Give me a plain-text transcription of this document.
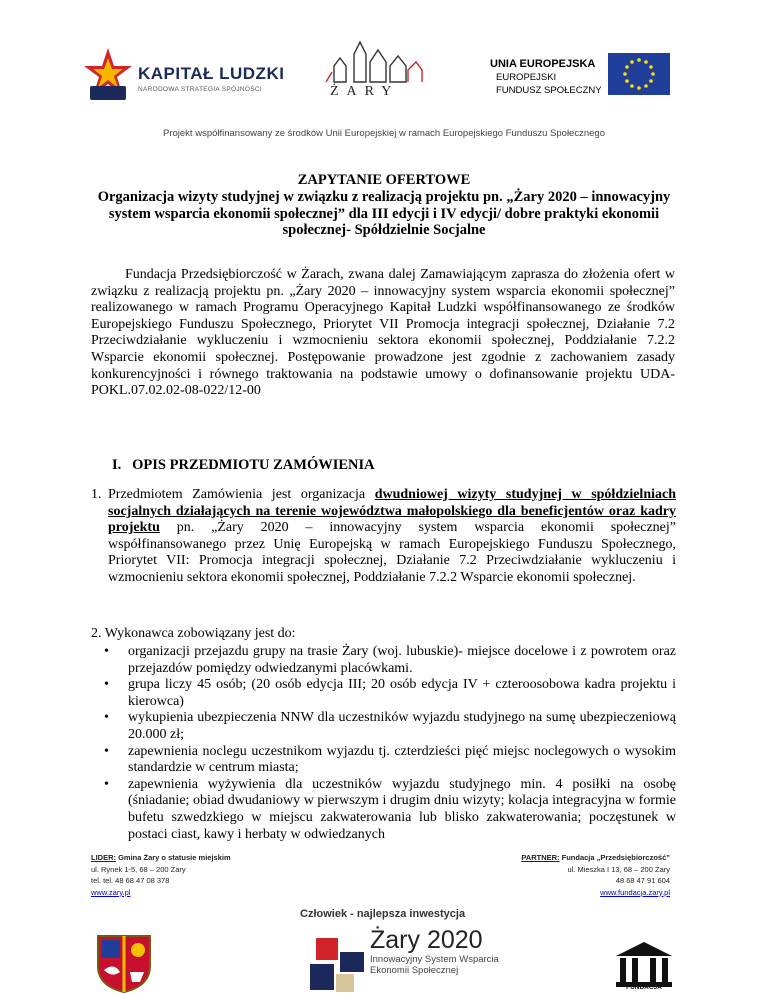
KAPITAŁ LUDZKI
NARODOWA STRATEGIA SPÓJNOŚCI	ŻARY
UNIA EUROPEJSKA
EUROPEJSKI
FUNDUSZ SPOŁECZNY
Projekt współfinansowany ze środków Unii Europejskiej w ramach Europejskiego Funduszu Społecznego
ZAPYTANIE OFERTOWE
Organizacja wizyty studyjnej w związku z realizacją projektu pn. „Żary 2020 – innowacyjny system wsparcia ekonomii społecznej” dla III edycji i IV edycji/ dobre praktyki ekonomii społecznej- Spółdzielnie Socjalne
Fundacja Przedsiębiorczość w Żarach, zwana dalej Zamawiającym zaprasza do złożenia ofert w związku z realizacją projektu pn. „Żary 2020 – innowacyjny system wsparcia ekonomii społecznej” realizowanego w ramach Programu Operacyjnego Kapitał Ludzki współfinansowanego ze środków Europejskiego Funduszu Społecznego, Priorytet VII Promocja integracji społecznej, Działanie 7.2 Przeciwdziałanie wykluczeniu i wzmocnieniu sektora ekonomii społecznej, Poddziałanie 7.2.2 Wsparcie ekonomii społecznej. Postępowanie prowadzone jest zgodnie z zachowaniem zasady konkurencyjności i równego traktowania na podstawie umowy o dofinansowanie projektu UDA-POKL.07.02.02-08-022/12-00
I.   OPIS PRZEDMIOTU ZAMÓWIENIA
1. Przedmiotem Zamówienia jest organizacja dwudniowej wizyty studyjnej w spółdzielniach socjalnych działających na terenie województwa małopolskiego dla beneficjentów oraz kadry projektu pn. „Żary 2020 – innowacyjny system wsparcia ekonomii społecznej” współfinansowanego przez Unię Europejską w ramach Europejskiego Funduszu Społecznego, Priorytet VII: Promocja integracji społecznej, Działanie 7.2 Przeciwdziałanie wykluczeniu i wzmocnieniu sektora ekonomii społecznej, Poddziałanie 7.2.2 Wsparcie ekonomii społecznej.
2. Wykonawca zobowiązany jest do:
• organizacji przejazdu grupy na trasie Żary (woj. lubuskie)- miejsce docelowe i z powrotem oraz przejazdów pomiędzy odwiedzanymi placówkami.
• grupa liczy 45 osób; (20 osób edycja III; 20 osób edycja IV + czteroosobowa kadra projektu i kierowca)
• wykupienia ubezpieczenia NNW dla uczestników wyjazdu studyjnego na sumę ubezpieczeniową 20.000 zł;
• zapewnienia noclegu uczestnikom wyjazdu tj. czterdzieści pięć miejsc noclegowych o wysokim standardzie w centrum miasta;
• zapewnienia wyżywienia dla uczestników wyjazdu studyjnego min. 4 posiłki na osobę (śniadanie; obiad dwudaniowy w pierwszym i drugim dniu wizyty; kolacja integracyjna w formie bufetu szwedzkiego w miejscu zakwaterowania lub blisko zakwaterowania; poczęstunek w postaci ciast, kawy i herbaty w odwiedzanych
LIDER: Gmina Żary o statusie miejskim
ul. Rynek 1-5, 68 – 200 Żary
tel. tel. 48 68 47 08 378
www.zary.pl
PARTNER: Fundacja „Przedsiębiorczość”
ul. Mieszka I 13, 68 – 200 Żary
48 68 47 91 604
www.fundacja.zary.pl
Człowiek - najlepsza inwestycja
Żary 2020
Innowacyjny System Wsparcia Ekonomii Społecznej
FUNDACJA
